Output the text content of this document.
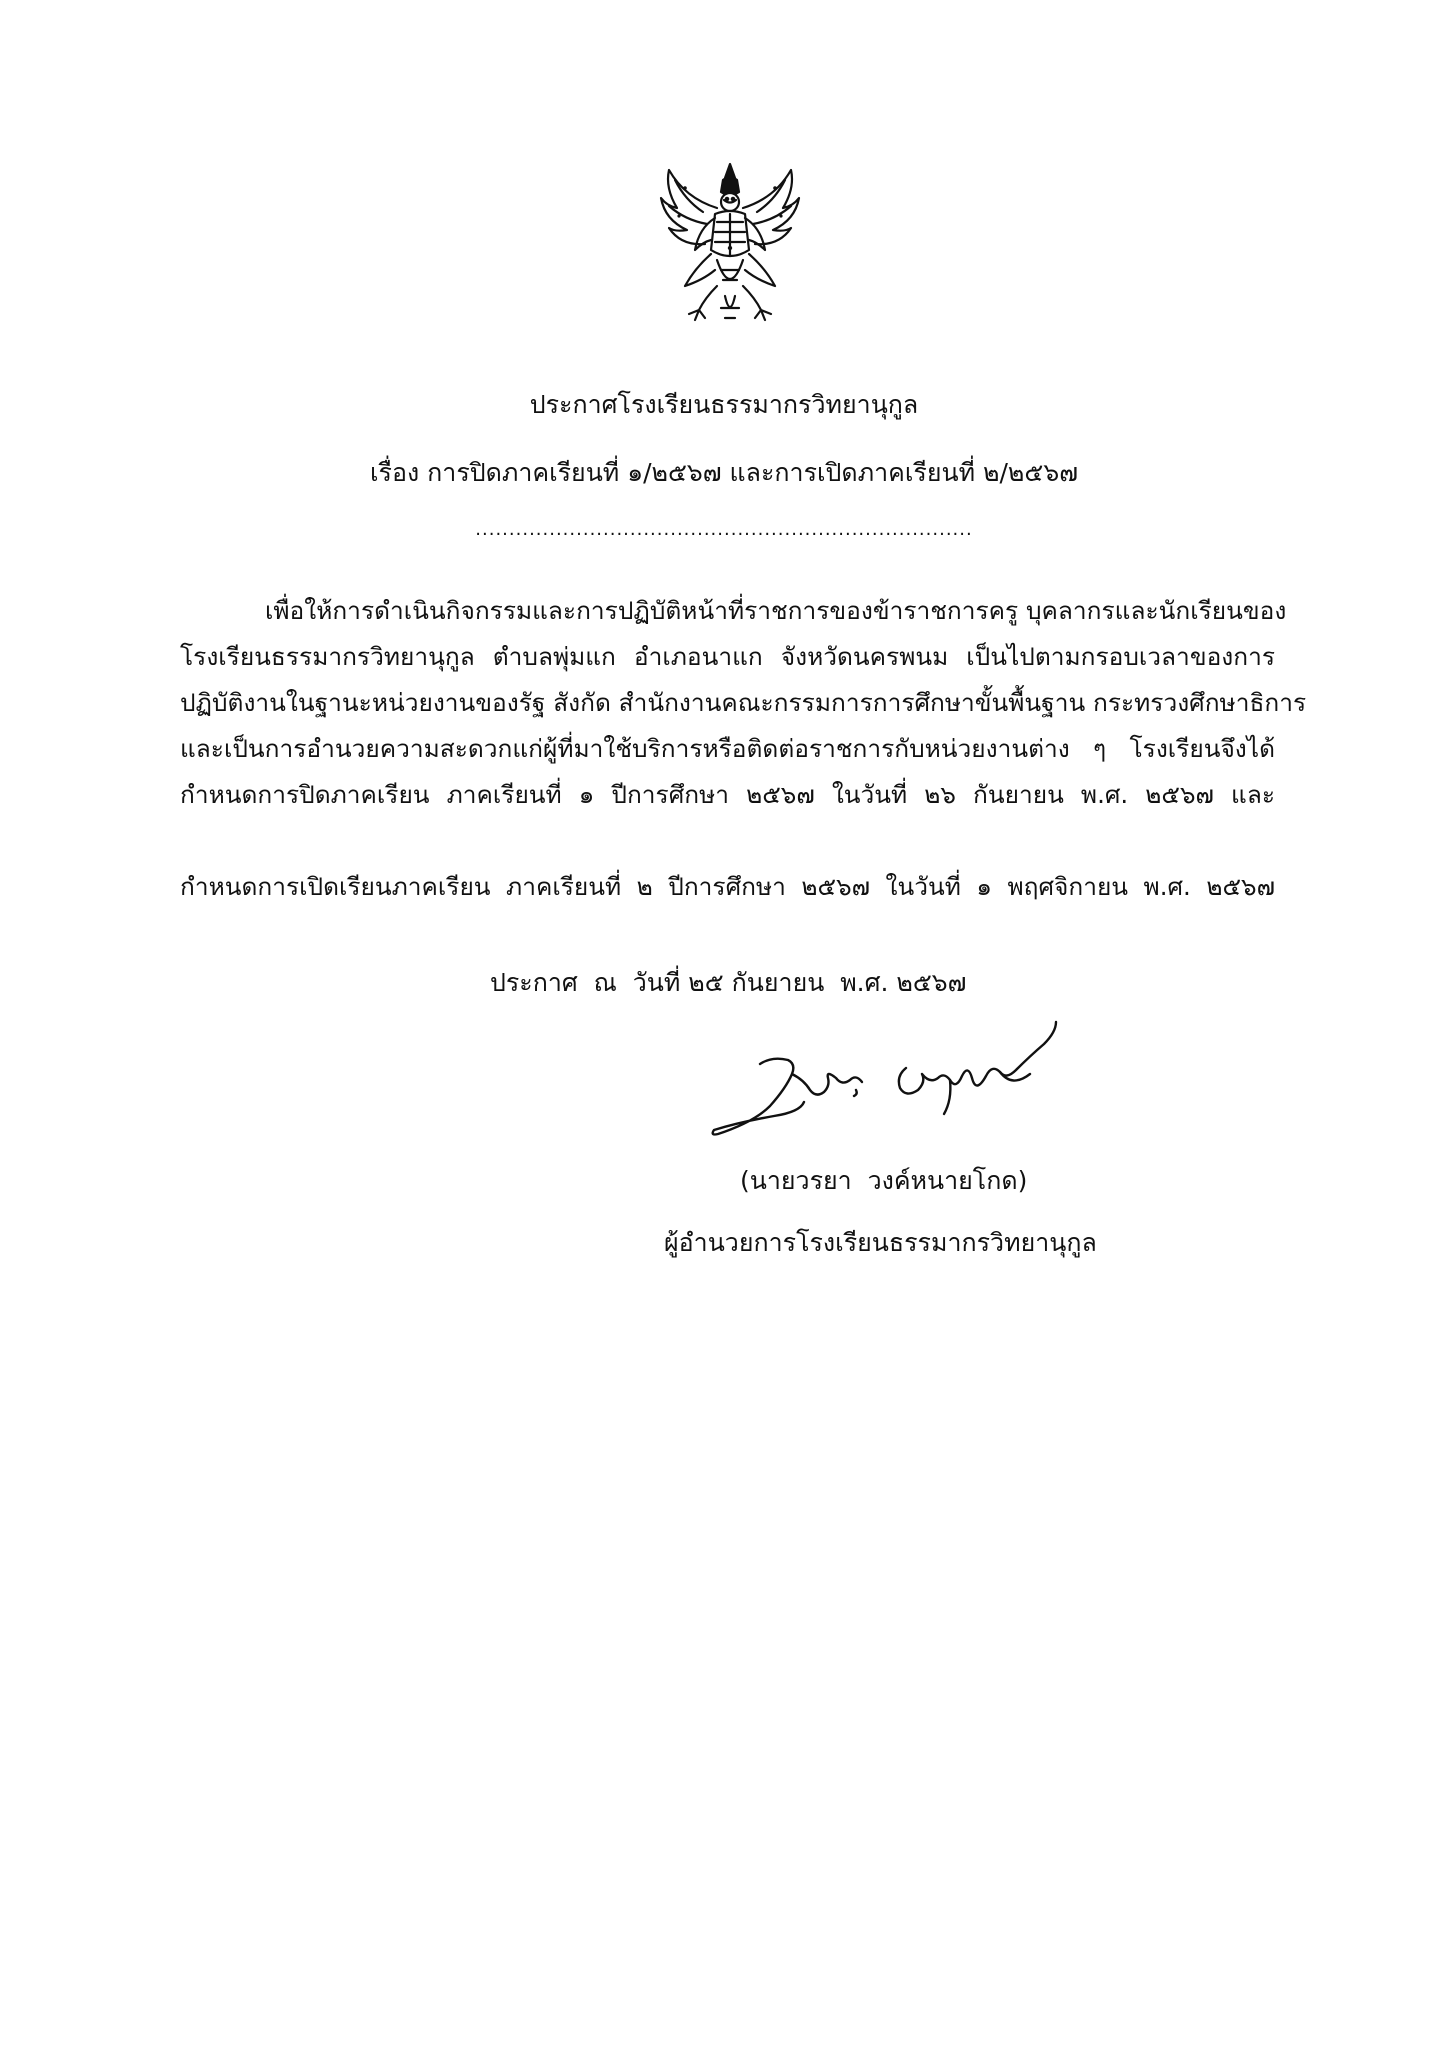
ประกาศโรงเรียนธรรมากรวิทยานุกูล
เรื่อง การปิดภาคเรียนที่ ๑/๒๕๖๗ และการเปิดภาคเรียนที่ ๒/๒๕๖๗
..........................................................................
เพื่อให้การดำเนินกิจกรรมและการปฏิบัติหน้าที่ราชการของข้าราชการครู บุคลากรและนักเรียนของ
โรงเรียนธรรมากรวิทยานุกูล ตำบลพุ่มแก อำเภอนาแก จังหวัดนครพนม เป็นไปตามกรอบเวลาของการ
ปฏิบัติงานในฐานะหน่วยงานของรัฐ สังกัด สำนักงานคณะกรรมการการศึกษาขั้นพื้นฐาน กระทรวงศึกษาธิการ
และเป็นการอำนวยความสะดวกแก่ผู้ที่มาใช้บริการหรือติดต่อราชการกับหน่วยงานต่าง ๆ โรงเรียนจึงได้
กำหนดการปิดภาคเรียน ภาคเรียนที่ ๑ ปีการศึกษา ๒๕๖๗ ในวันที่ ๒๖ กันยายน พ.ศ. ๒๕๖๗ และ
กำหนดการเปิดเรียนภาคเรียน ภาคเรียนที่ ๒ ปีการศึกษา ๒๕๖๗ ในวันที่ ๑ พฤศจิกายน พ.ศ. ๒๕๖๗
ประกาศ  ณ  วันที่ ๒๕ กันยายน  พ.ศ. ๒๕๖๗
(นายวรยา  วงค์หนายโกด)
ผู้อำนวยการโรงเรียนธรรมากรวิทยานุกูล
